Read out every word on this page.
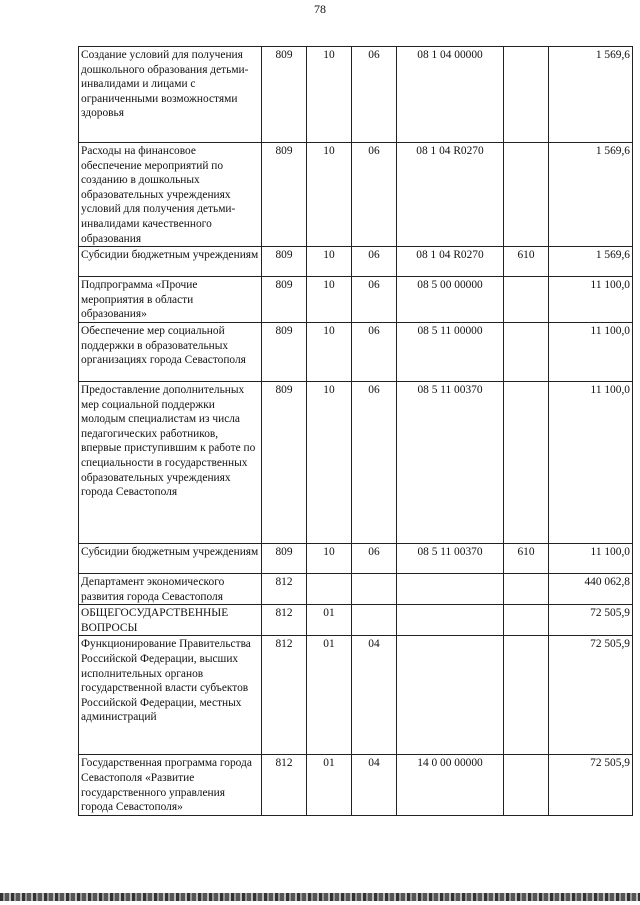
78
Создание условий для получения дошкольного образования детьми-инвалидами и лицами с ограниченными возможностями здоровья	809	10	06	08 1 04 00000		1 569,6
Расходы на финансовое обеспечение мероприятий по созданию в дошкольных образовательных учреждениях условий для получения детьми-инвалидами качественного образования	809	10	06	08 1 04 R0270		1 569,6
Субсидии бюджетным учреждениям	809	10	06	08 1 04 R0270	610	1 569,6
Подпрограмма «Прочие мероприятия в области образования»	809	10	06	08 5 00 00000		11 100,0
Обеспечение мер социальной поддержки в образовательных организациях города Севастополя	809	10	06	08 5 11 00000		11 100,0
Предоставление дополнительных мер социальной поддержки молодым специалистам из числа педагогических работников, впервые приступившим к работе по специальности в государственных образовательных учреждениях города Севастополя	809	10	06	08 5 11 00370		11 100,0
Субсидии бюджетным учреждениям	809	10	06	08 5 11 00370	610	11 100,0
Департамент экономического развития города Севастополя	812					440 062,8
ОБЩЕГОСУДАРСТВЕННЫЕ ВОПРОСЫ	812	01				72 505,9
Функционирование Правительства Российской Федерации, высших исполнительных органов государственной власти субъектов Российской Федерации, местных администраций	812	01	04			72 505,9
Государственная программа города Севастополя «Развитие государственного управления города Севастополя»	812	01	04	14 0 00 00000		72 505,9
